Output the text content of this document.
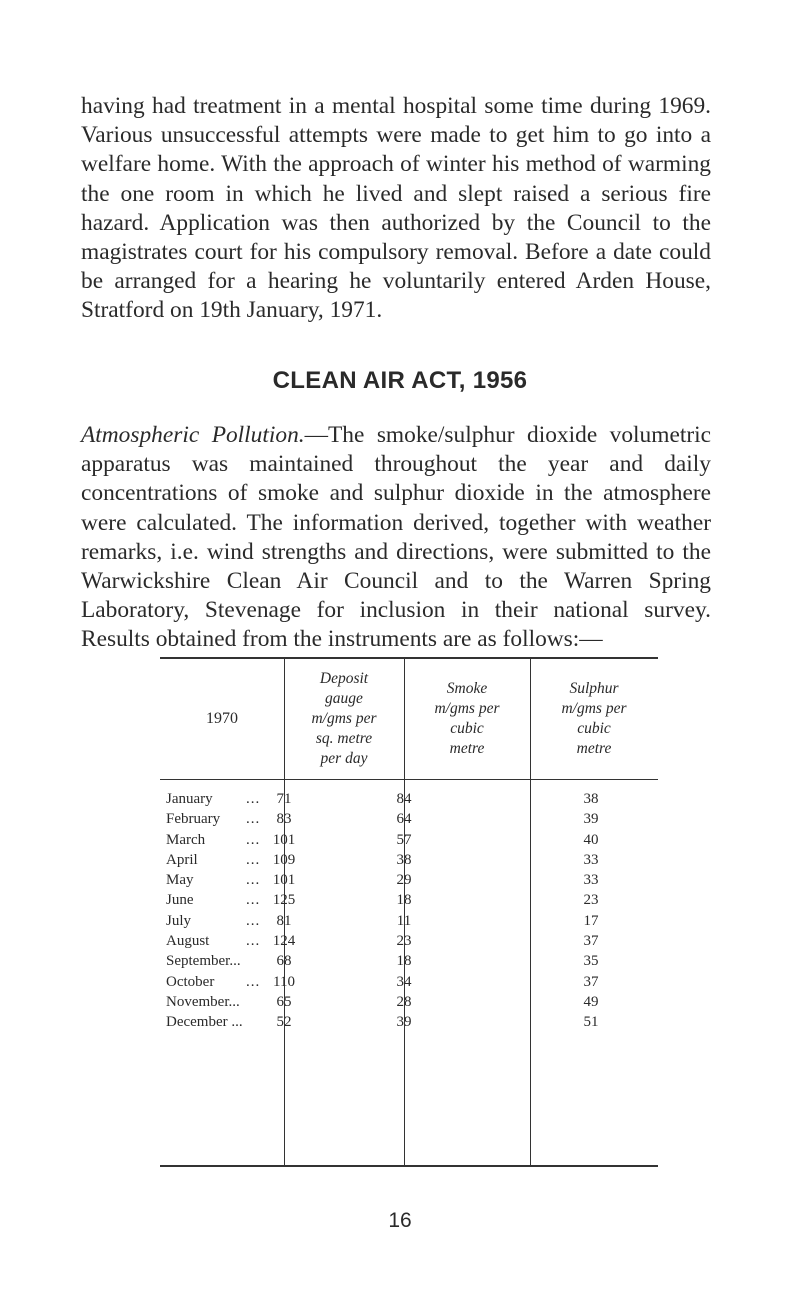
having had treatment in a mental hospital some time during 1969. Various unsuccessful attempts were made to get him to go into a welfare home. With the approach of winter his method of warming the one room in which he lived and slept raised a serious fire hazard. Application was then authorized by the Council to the magistrates court for his compulsory removal. Before a date could be arranged for a hearing he voluntarily entered Arden House, Stratford on 19th January, 1971.

CLEAN AIR ACT, 1956

Atmospheric Pollution.—The smoke/sulphur dioxide volumetric apparatus was maintained throughout the year and daily concentrations of smoke and sulphur dioxide in the atmosphere were calculated. The information derived, together with weather remarks, i.e. wind strengths and directions, were submitted to the Warwickshire Clean Air Council and to the Warren Spring Laboratory, Stevenage for inclusion in their national survey. Results obtained from the instruments are as follows:—

1970
Deposit
gauge
m/gms per
sq. metre
per day
Smoke
m/gms per
cubic
metre
Sulphur
m/gms per
cubic
metre
January ...	71	84	38
February ...	83	64	39
March	... 101	57	40
April	... 109	38	33
May	... 101	29	33
June	... 125	18	23
July	...	81	11	17
August ... 124	23	37
September...	68	18	35
October ... 110	34	37
November...	65	28	49
December ...	52	39	51
16
